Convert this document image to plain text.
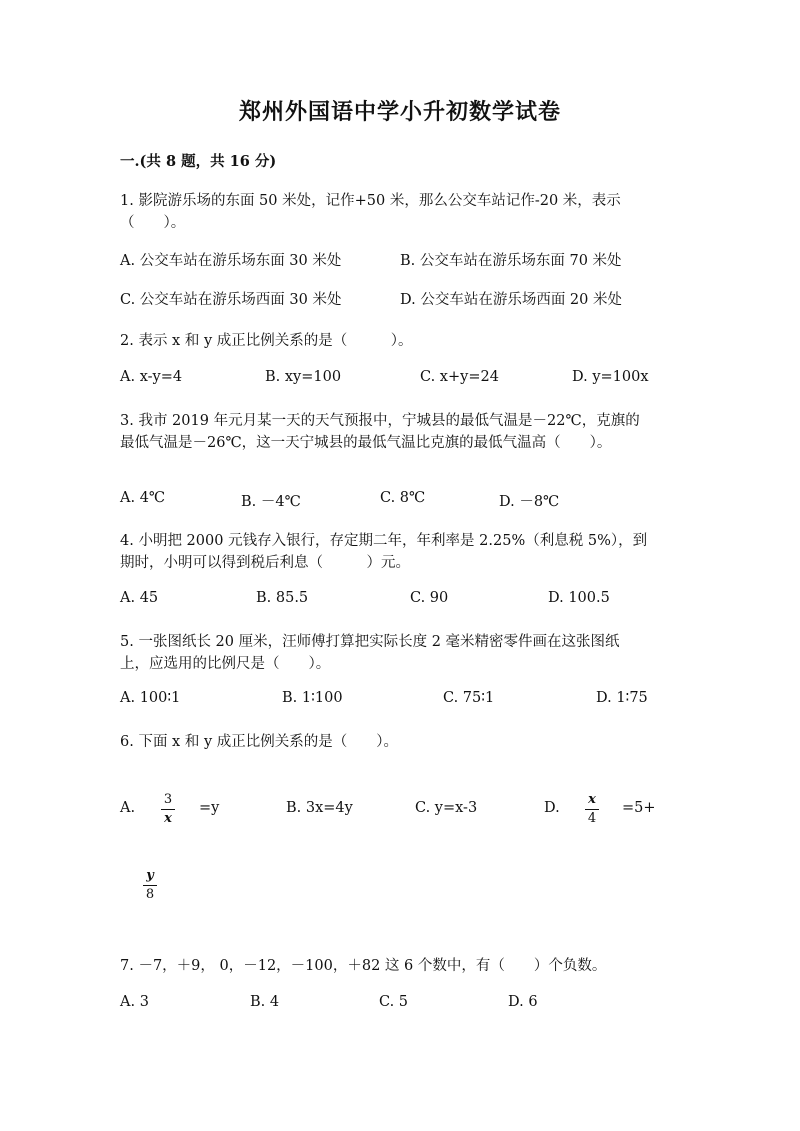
郑州外国语中学小升初数学试卷
一.(共 8 题，共 16 分)
1. 影院游乐场的东面 50 米处，记作+50 米，那么公交车站记作-20 米，表示
（　　）。
A. 公交车站在游乐场东面 30 米处	B. 公交车站在游乐场东面 70 米处
C. 公交车站在游乐场西面 30 米处	D. 公交车站在游乐场西面 20 米处
2. 表示 x 和 y 成正比例关系的是（　　　）。
A. x-y=4	B. xy=100	C. x+y=24	D. y=100x
3. 我市 2019 年元月某一天的天气预报中，宁城县的最低气温是－22℃，克旗的
最低气温是－26℃，这一天宁城县的最低气温比克旗的最低气温高（　　）。
A. 4℃	B. －4℃	C. 8℃	D. －8℃
4. 小明把 2000 元钱存入银行，存定期二年，年利率是 2.25%（利息税 5%），到
期时，小明可以得到税后利息（　　　）元。
A. 45	B. 85.5	C. 90	D. 100.5
5. 一张图纸长 20 厘米，汪师傅打算把实际长度 2 毫米精密零件画在这张图纸
上，应选用的比例尺是（　　）。
A. 100∶1	B. 1∶100	C. 75∶1	D. 1∶75
6. 下面 x 和 y 成正比例关系的是（　　）。
A.
3
x
=y	B. 3x=4y	C. y=x-3	D.
x
4
=5+
y
8
7. －7，＋9， 0，－12，－100，＋82 这 6 个数中，有（　　）个负数。
A. 3	B. 4	C. 5	D. 6
